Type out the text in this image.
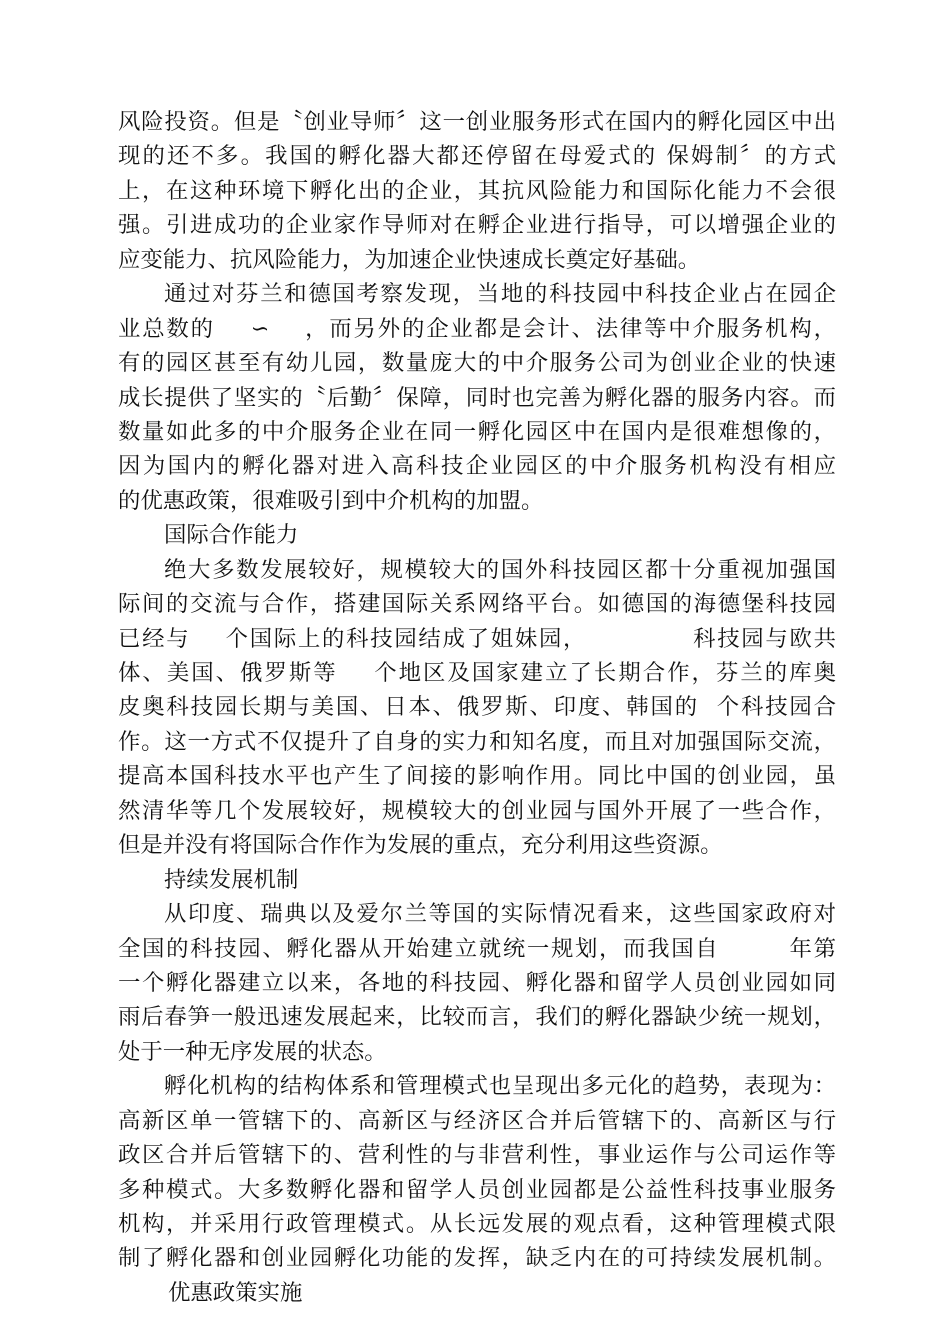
风险投资。但是〝创业导师〞这一创业服务形式在国内的孵化园区中出
现的还不多。我国的孵化器大都还停留在母爱式的 保姆制〞的方式
上，在这种环境下孵化出的企业，其抗风险能力和国际化能力不会很
强。引进成功的企业家作导师对在孵企业进行指导，可以增强企业的
应变能力、抗风险能力，为加速企业快速成长奠定好基础。
通过对芬兰和德国考察发现，当地的科技园中科技企业占在园企
业总数的    ∽    ，而另外的企业都是会计、法律等中介服务机构，
有的园区甚至有幼儿园，数量庞大的中介服务公司为创业企业的快速
成长提供了坚实的〝后勤〞保障，同时也完善为孵化器的服务内容。而
数量如此多的中介服务企业在同一孵化园区中在国内是很难想像的，
因为国内的孵化器对进入高科技企业园区的中介服务机构没有相应
的优惠政策，很难吸引到中介机构的加盟。
国际合作能力
绝大多数发展较好，规模较大的国外科技园区都十分重视加强国
际间的交流与合作，搭建国际关系网络平台。如德国的海德堡科技园
已经与    个国际上的科技园结成了姐妹园，            科技园与欧共
体、美国、俄罗斯等    个地区及国家建立了长期合作，芬兰的库奥
皮奥科技园长期与美国、日本、俄罗斯、印度、韩国的  个科技园合
作。这一方式不仅提升了自身的实力和知名度，而且对加强国际交流，
提高本国科技水平也产生了间接的影响作用。同比中国的创业园，虽
然清华等几个发展较好，规模较大的创业园与国外开展了一些合作，
但是并没有将国际合作作为发展的重点，充分利用这些资源。
持续发展机制
从印度、瑞典以及爱尔兰等国的实际情况看来，这些国家政府对
全国的科技园、孵化器从开始建立就统一规划，而我国自        年第
一个孵化器建立以来，各地的科技园、孵化器和留学人员创业园如同
雨后春笋一般迅速发展起来，比较而言，我们的孵化器缺少统一规划，
处于一种无序发展的状态。
孵化机构的结构体系和管理模式也呈现出多元化的趋势，表现为：
高新区单一管辖下的、高新区与经济区合并后管辖下的、高新区与行
政区合并后管辖下的、营利性的与非营利性，事业运作与公司运作等
多种模式。大多数孵化器和留学人员创业园都是公益性科技事业服务
机构，并采用行政管理模式。从长远发展的观点看，这种管理模式限
制了孵化器和创业园孵化功能的发挥，缺乏内在的可持续发展机制。
优惠政策实施
